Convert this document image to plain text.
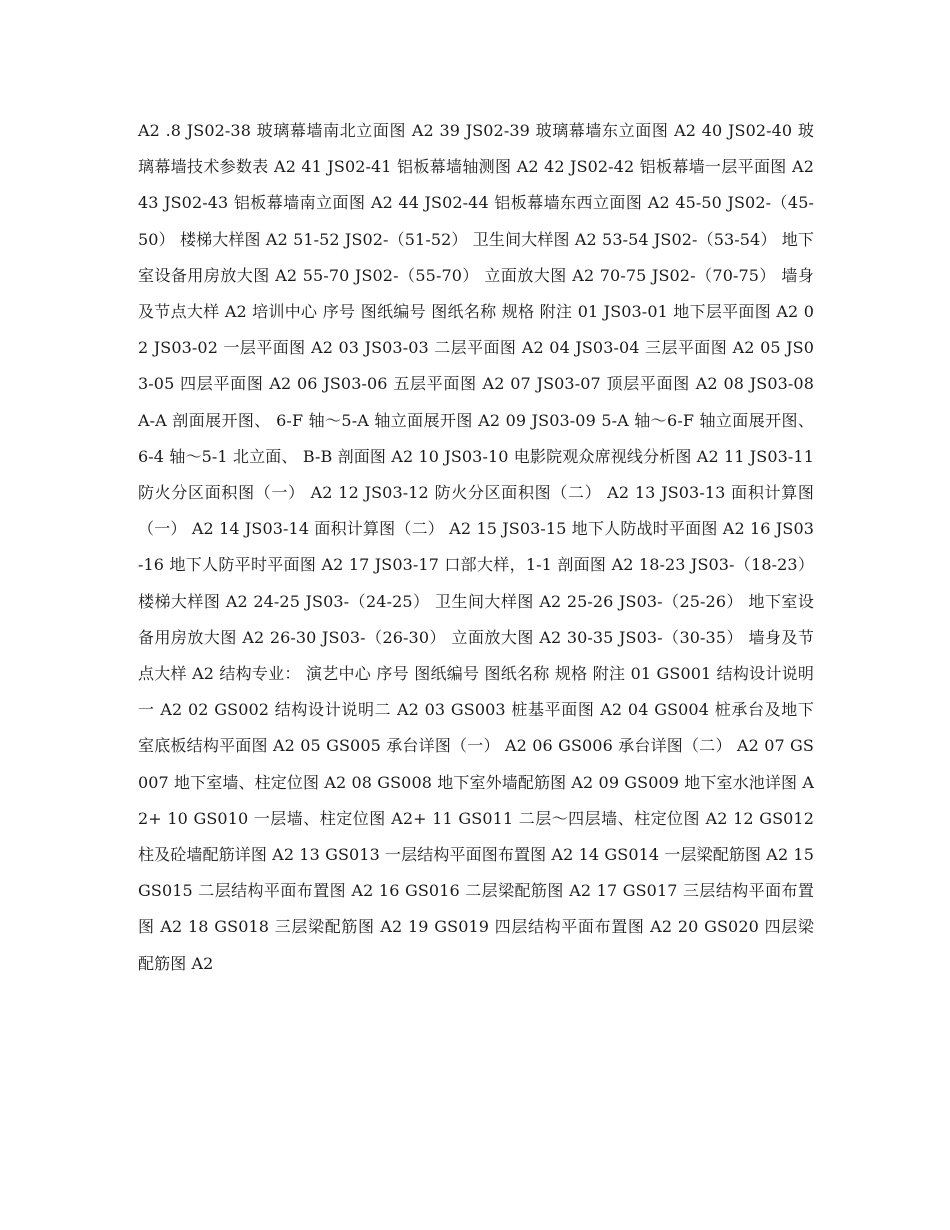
A2 .8 JS02-38 玻璃幕墙南北立面图 A2 39 JS02-39 玻璃幕墙东立面图 A2 40 JS02-40 玻璃幕墙技术参数表 A2 41 JS02-41 铝板幕墙轴测图 A2 42 JS02-42 铝板幕墙一层平面图 A2 43 JS02-43 铝板幕墙南立面图 A2 44 JS02-44 铝板幕墙东西立面图 A2 45-50 JS02-（45-50） 楼梯大样图 A2 51-52 JS02-（51-52） 卫生间大样图 A2 53-54 JS02-（53-54） 地下室设备用房放大图 A2 55-70 JS02-（55-70） 立面放大图 A2 70-75 JS02-（70-75） 墙身及节点大样 A2 培训中心 序号 图纸编号 图纸名称 规格 附注 01 JS03-01 地下层平面图 A2 02 JS03-02 一层平面图 A2 03 JS03-03 二层平面图 A2 04 JS03-04 三层平面图 A2 05 JS03-05 四层平面图 A2 06 JS03-06 五层平面图 A2 07 JS03-07 顶层平面图 A2 08 JS03-08 A-A 剖面展开图、 6-F 轴～5-A 轴立面展开图 A2 09 JS03-09 5-A 轴～6-F 轴立面展开图、 6-4 轴～5-1 北立面、 B-B 剖面图 A2 10 JS03-10 电影院观众席视线分析图 A2 11 JS03-11 防火分区面积图（一） A2 12 JS03-12 防火分区面积图（二） A2 13 JS03-13 面积计算图（一） A2 14 JS03-14 面积计算图（二） A2 15 JS03-15 地下人防战时平面图 A2 16 JS03-16 地下人防平时平面图 A2 17 JS03-17 口部大样，1-1 剖面图 A2 18-23 JS03-（18-23） 楼梯大样图 A2 24-25 JS03-（24-25） 卫生间大样图 A2 25-26 JS03-（25-26） 地下室设备用房放大图 A2 26-30 JS03-（26-30） 立面放大图 A2 30-35 JS03-（30-35） 墙身及节点大样 A2 结构专业： 演艺中心 序号 图纸编号 图纸名称 规格 附注 01 GS001 结构设计说明一 A2 02 GS002 结构设计说明二 A2 03 GS003 桩基平面图 A2 04 GS004 桩承台及地下室底板结构平面图 A2 05 GS005 承台详图（一） A2 06 GS006 承台详图（二） A2 07 GS007 地下室墙、柱定位图 A2 08 GS008 地下室外墙配筋图 A2 09 GS009 地下室水池详图 A2+ 10 GS010 一层墙、柱定位图 A2+ 11 GS011 二层～四层墙、柱定位图 A2 12 GS012 柱及砼墙配筋详图 A2 13 GS013 一层结构平面图布置图 A2 14 GS014 一层梁配筋图 A2 15 GS015 二层结构平面布置图 A2 16 GS016 二层梁配筋图 A2 17 GS017 三层结构平面布置图 A2 18 GS018 三层梁配筋图 A2 19 GS019 四层结构平面布置图 A2 20 GS020 四层梁配筋图 A2
